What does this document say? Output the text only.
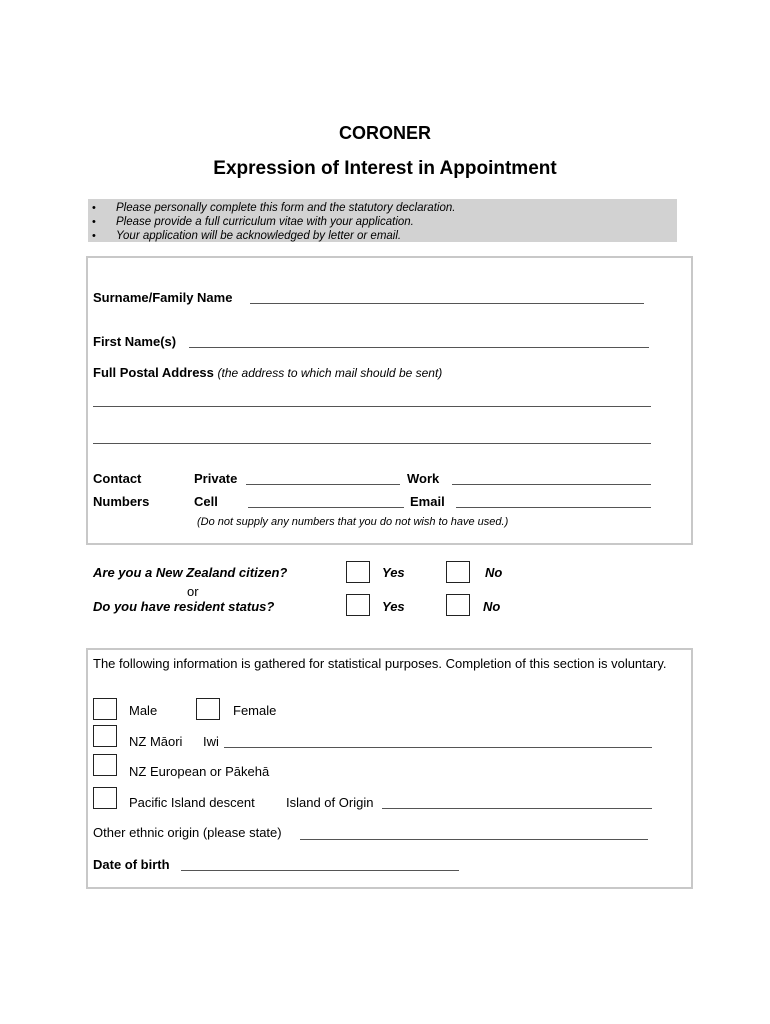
CORONER
Expression of Interest in Appointment
• Please personally complete this form and the statutory declaration.
• Please provide a full curriculum vitae with your application.
• Your application will be acknowledged by letter or email.
Surname/Family Name
First Name(s)
Full Postal Address (the address to which mail should be sent)
Contact
Numbers
Private	Work
Cell	Email
(Do not supply any numbers that you do not wish to have used.)
Are you a New Zealand citizen?	Yes	No
or
Do you have resident status?	Yes	No
The following information is gathered for statistical purposes. Completion of this section is voluntary.
Male	Female
NZ Māori Iwi
NZ European or Pākehā
Pacific Island descent Island of Origin
Other ethnic origin (please state)
Date of birth
